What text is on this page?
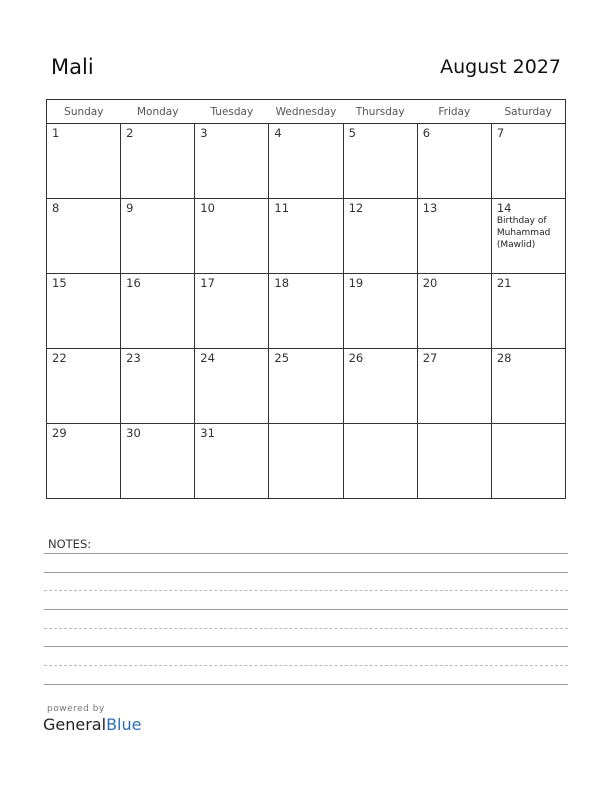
Mali	August 2027
Sunday	Monday	Tuesday	Wednesday	Thursday	Friday	Saturday

1	2	3	4	5	6	7

8	9	10	11	12	13	14
Birthday of Muhammad (Mawlid)

15	16	17	18	19	20	21

22	23	24	25	26	27	28

29	30	31				

NOTES:
powered by
GeneralBlue
